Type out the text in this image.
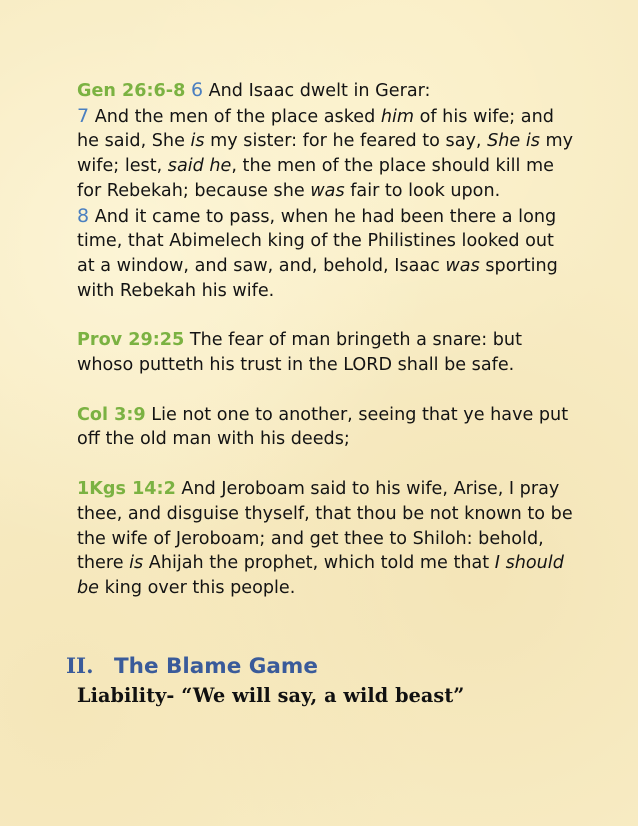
Gen 26:6-8 6 And Isaac dwelt in Gerar:

7 And the men of the place asked him of his wife; and he said, She is my sister: for he feared to say, She is my wife; lest, said he, the men of the place should kill me for Rebekah; because she was fair to look upon.

8 And it came to pass, when he had been there a long time, that Abimelech king of the Philistines looked out at a window, and saw, and, behold, Isaac was sporting with Rebekah his wife.

Prov 29:25 The fear of man bringeth a snare: but whoso putteth his trust in the LORD shall be safe.

Col 3:9 Lie not one to another, seeing that ye have put off the old man with his deeds;

1Kgs 14:2 And Jeroboam said to his wife, Arise, I pray thee, and disguise thyself, that thou be not known to be the wife of Jeroboam; and get thee to Shiloh: behold, there is Ahijah the prophet, which told me that I should be king over this people.

II. The Blame Game

Liability- “We will say, a wild beast”
